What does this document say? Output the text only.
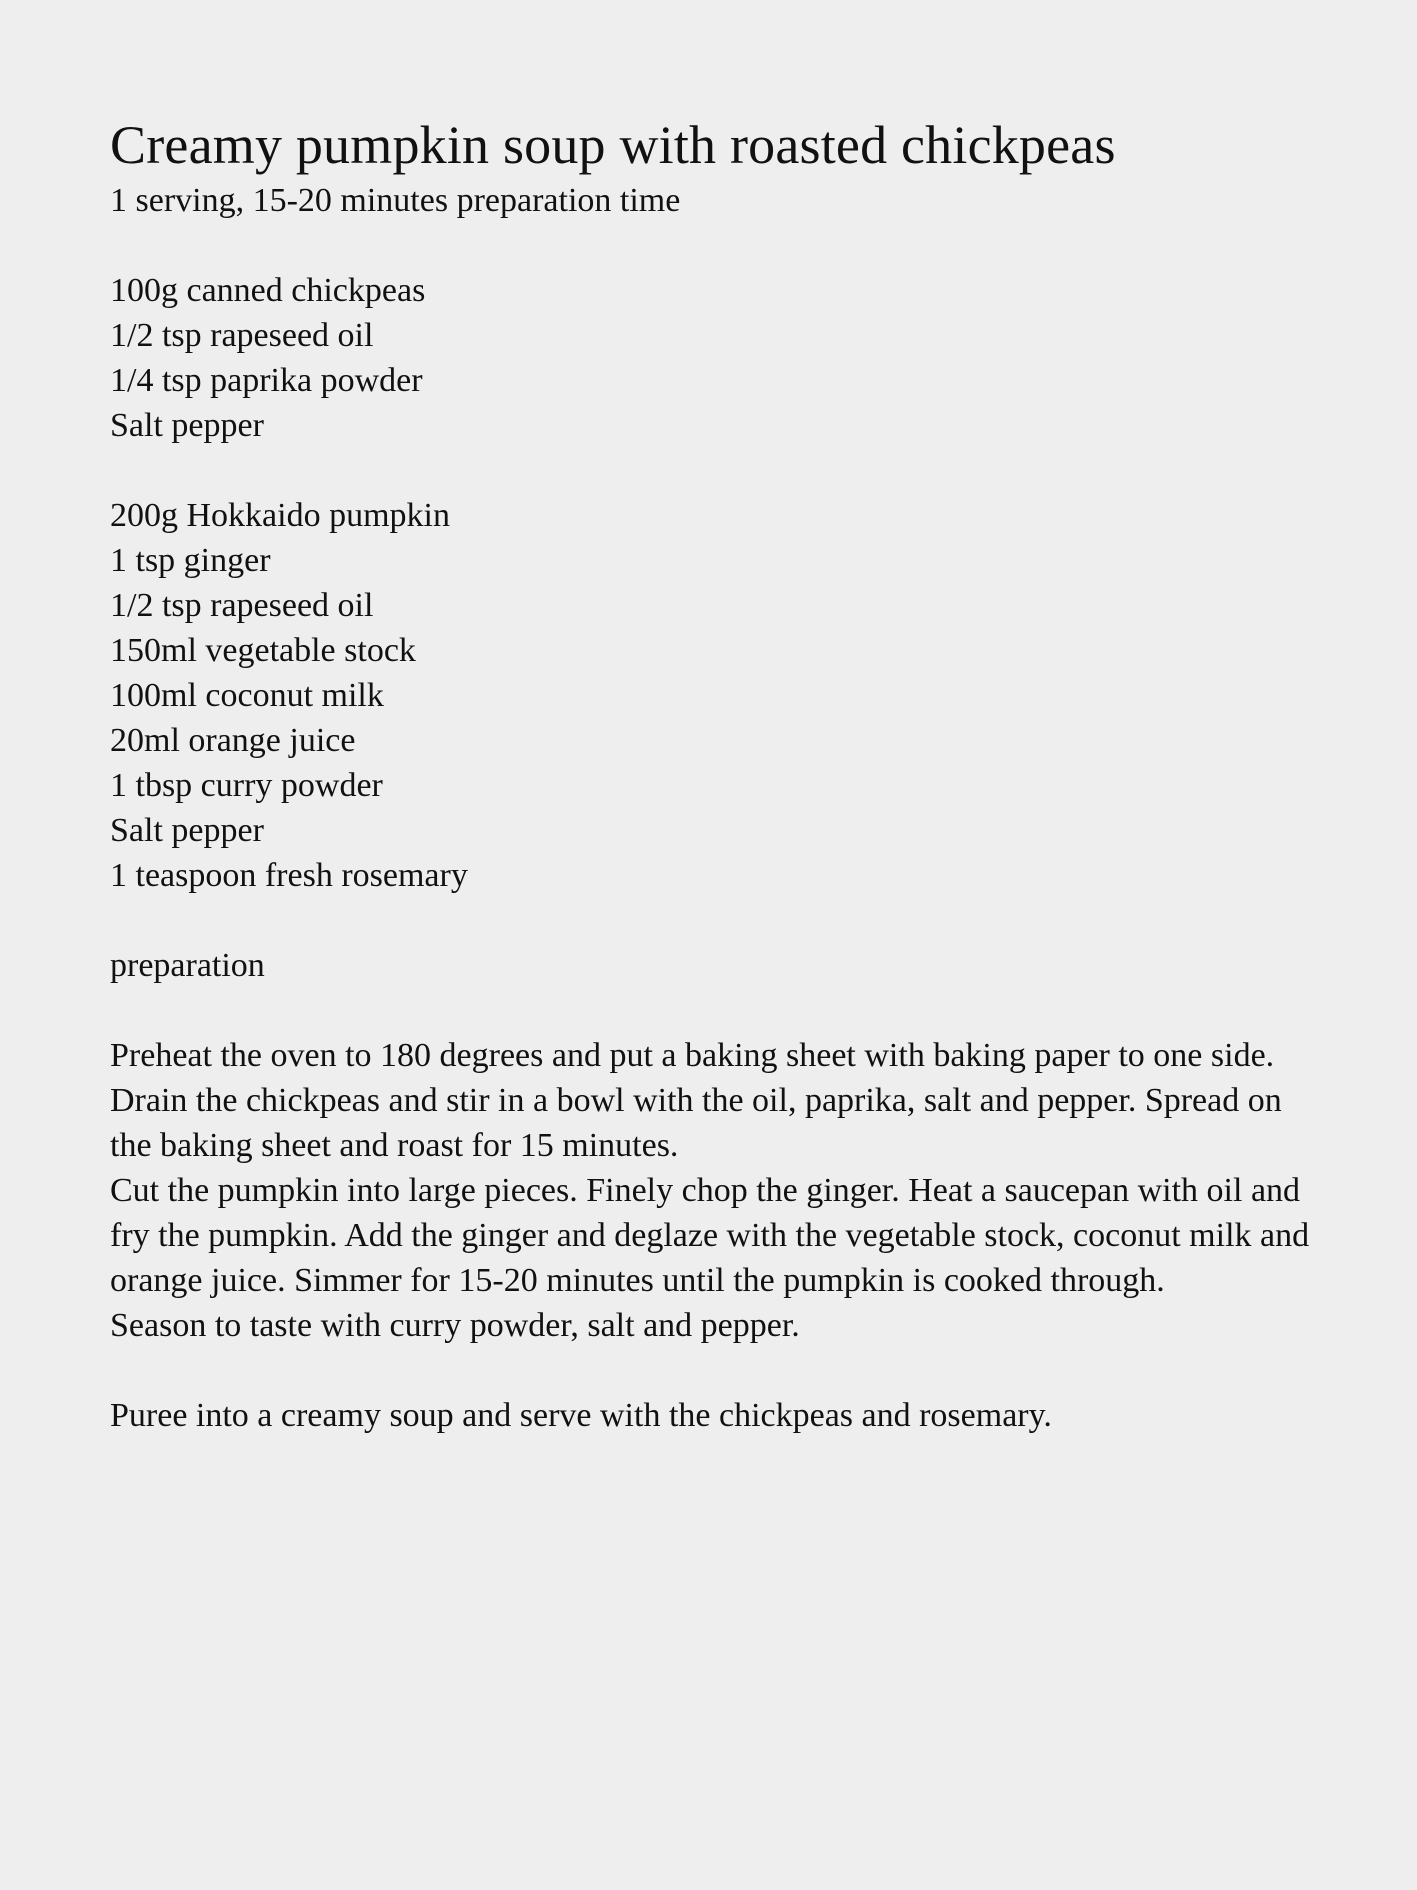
Creamy pumpkin soup with roasted chickpeas
1 serving, 15-20 minutes preparation time
100g canned chickpeas
1/2 tsp rapeseed oil
1/4 tsp paprika powder
Salt pepper
200g Hokkaido pumpkin
1 tsp ginger
1/2 tsp rapeseed oil
150ml vegetable stock
100ml coconut milk
20ml orange juice
1 tbsp curry powder
Salt pepper
1 teaspoon fresh rosemary
preparation

Preheat the oven to 180 degrees and put a baking sheet with baking paper to one side. Drain the chickpeas and stir in a bowl with the oil, paprika, salt and pepper. Spread on the baking sheet and roast for 15 minutes.

Cut the pumpkin into large pieces. Finely chop the ginger. Heat a saucepan with oil and fry the pumpkin. Add the ginger and deglaze with the vegetable stock, coconut milk and orange juice. Simmer for 15-20 minutes until the pumpkin is cooked through.

Season to taste with curry powder, salt and pepper.

Puree into a creamy soup and serve with the chickpeas and rosemary.
